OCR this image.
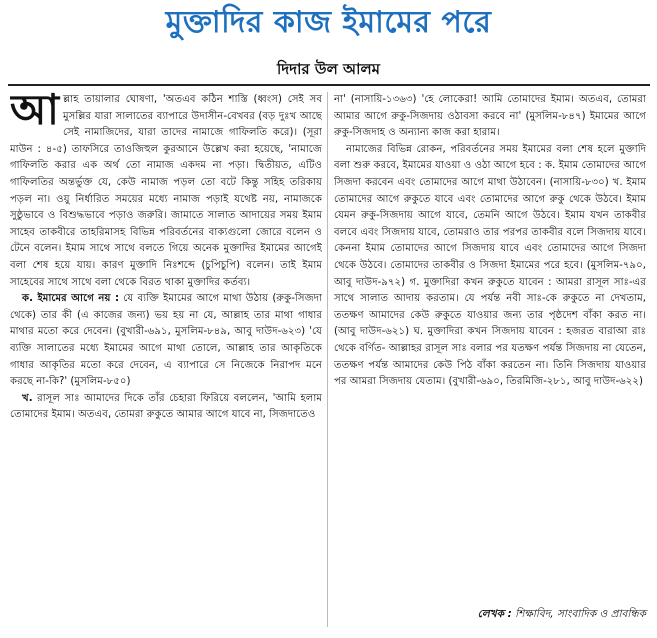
মুক্তাদির কাজ ইমামের পরে
দিদার উল আলম

আল্লাহ তায়ালার ঘোষণা, 'অতএব কঠিন শাস্তি (ধ্বংস) সেই সব মুসল্লির যারা সালাতের ব্যাপারে উদাসীন-বেখবর (বড় দুঃখ আছে সেই নামাজিদের, যারা তাদের নামাজে গাফিলতি করে)। (সূরা মাউন : ৪-৫) তাফসিরে তাওজিহুল কুরআনে উল্লেখ করা হয়েছে, 'নামাজে গাফিলতি করার এক অর্থ তো নামাজ একদম না পড়া। দ্বিতীয়ত, এটিও গাফিলতির অন্তর্ভুক্ত যে, কেউ নামাজ পড়ল তো বটে কিন্তু সহিহ তরিকায় পড়ল না। ওয়ু নির্ধারিত সময়ের মধ্যে নামাজ পড়াই যথেষ্ট নয়, নামাজকে সুষ্ঠুভাবে ও বিশুদ্ধভাবে পড়াও জরুরি। জামাতে সালাত আদায়ের সময় ইমাম সাহেব তাকবীরে তাহরিমাসহ বিভিন্ন পরিবর্তনের বাক্যগুলো জোরে বলেন ও টেনে বলেন। ইমাম সাথে সাথে বলতে গিয়ে অনেক মুক্তাদির ইমামের আগেই বলা শেষ হয়ে যায়। কারণ মুক্তাদি নিঃশব্দে (চুপিচুপি) বলেন। তাই ইমাম সাহেবের সাথে সাথে বলা থেকে বিরত থাকা মুক্তাদির কর্তব্য।

ক. ইমামের আগে নয় : যে ব্যক্তি ইমামের আগে মাথা উঠায় (রুকু-সিজদা থেকে) তার কী (এ কাজের জন্য) ভয় হয় না যে, আল্লাহ তার মাথা গাধার মাথার মতো করে দেবেন। (বুখারী-৬৯১, মুসলিম-৮৪৯, আবু দাউদ-৬২৩) 'যে ব্যক্তি সালাতের মধ্যে ইমামের আগে মাথা তোলে, আল্লাহ তার আকৃতিকে গাধার আকৃতির মতো করে দেবেন, এ ব্যাপারে সে নিজেকে নিরাপদ মনে করছে না-কি?' (মুসলিম-৮৫০)

খ. রাসূল সাঃ আমাদের দিকে তাঁর চেহারা ফিরিয়ে বললেন, 'আমি হলাম তোমাদের ইমাম। অতএব, তোমরা রুকুতে আমার আগে যাবে না, সিজদাতেও

না' (নাসায়ি-১৩৬৩) 'হে লোকেরা! আমি তোমাদের ইমাম। অতএব, তোমরা আমার আগে রুকু-সিজদায় ওঠাবসা করবে না' (মুসলিম-৮৪৭) ইমামের আগে রুকু-সিজদাহ ও অন্যান্য কাজ করা হারাম।

নামাজের বিভিন্ন রোকন, পরিবর্তনের সময় ইমামের বলা শেষ হলে মুক্তাদি বলা শুরু করবে, ইমামের যাওয়া ও ওঠা আগে হবে : ক. ইমাম তোমাদের আগে সিজদা করবেন এবং তোমাদের আগে মাথা উঠাবেন। (নাসায়ি-৮৩০) খ. ইমাম তোমাদের আগে রুকুতে যাবে এবং তোমাদের আগে রুকু থেকে উঠবে। ইমাম যেমন রুকু-সিজদায় আগে যাবে, তেমনি আগে উঠবে। ইমাম যখন তাকবীর বলবে এবং সিজদায় যাবে, তোমরাও তার পরপর তাকবীর বলে সিজদায় যাবে। কেননা ইমাম তোমাদের আগে সিজদায় যাবে এবং তোমাদের আগে সিজদা থেকে উঠবে। তোমাদের তাকবীর ও সিজদা ইমামের পরে হবে। (মুসলিম-৭৯০, আবু দাউদ-৯৭২) গ. মুক্তাদিরা কখন রুকুতে যাবেন : আমরা রাসূল সাঃ-এর সাথে সালাত আদায় করতাম। যে পর্যন্ত নবী সাঃ-কে রুকুতে না দেখতাম, ততক্ষণ আমাদের কেউ রুকুতে যাওয়ার জন্য তার পৃষ্ঠদেশ বাঁকা করত না। (আবু দাউদ-৬২১) ঘ. মুক্তাদিরা কখন সিজদায় যাবেন : হজরত বারাআ রাঃ থেকে বর্ণিত- আল্লাহর রাসূল সাঃ বলার পর যতক্ষণ পর্যন্ত সিজদায় না যেতেন, ততক্ষণ পর্যন্ত আমাদের কেউ পিঠ বাঁকা করতেন না। তিনি সিজদায় যাওয়ার পর আমরা সিজদায় যেতাম। (বুখারী-৬৯০, তিরমিজি-২৮১, আবু দাউদ-৬২২)

লেখক : শিক্ষাবিদ, সাংবাদিক ও প্রাবন্ধিক
